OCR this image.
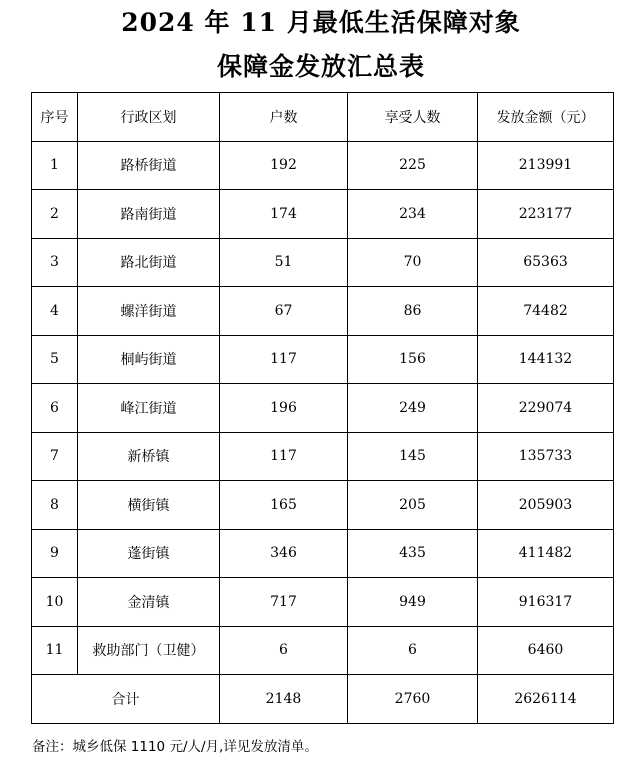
2024 年 11 月最低生活保障对象
保障金发放汇总表
序号	行政区划	户数	享受人数	发放金额（元）
1	路桥街道	192	225	213991
2	路南街道	174	234	223177
3	路北街道	51	70	65363
4	螺洋街道	67	86	74482
5	桐屿街道	117	156	144132
6	峰江街道	196	249	229074
7	新桥镇	117	145	135733
8	横街镇	165	205	205903
9	蓬街镇	346	435	411482
10	金清镇	717	949	916317
11	救助部门（卫健）	6	6	6460
合计		2148	2760	2626114
备注：城乡低保 1110 元/人/月,详见发放清单。
